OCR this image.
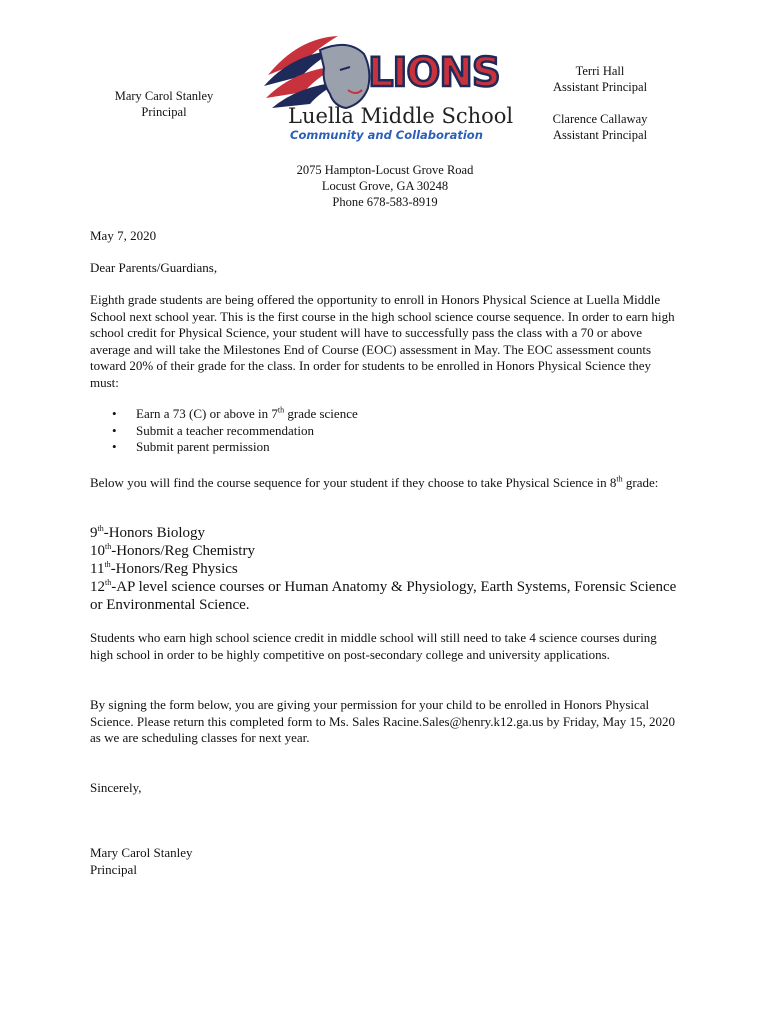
Mary Carol Stanley
Principal
LIONS
Luella Middle School
Community and Collaboration
Terri Hall
Assistant Principal
Clarence Callaway
Assistant Principal
2075 Hampton-Locust Grove Road
Locust Grove, GA 30248
Phone 678-583-8919
May 7, 2020
Dear Parents/Guardians,

Eighth grade students are being offered the opportunity to enroll in Honors Physical Science at Luella Middle School next school year. This is the first course in the high school science course sequence. In order to earn high school credit for Physical Science, your student will have to successfully pass the class with a 70 or above average and will take the Milestones End of Course (EOC) assessment in May. The EOC assessment counts toward 20% of their grade for the class. In order for students to be enrolled in Honors Physical Science they must:

• Earn a 73 (C) or above in 7th grade science
• Submit a teacher recommendation
• Submit parent permission

Below you will find the course sequence for your student if they choose to take Physical Science in 8th grade:

9th-Honors Biology
10th-Honors/Reg Chemistry
11th-Honors/Reg Physics
12th-AP level science courses or Human Anatomy & Physiology, Earth Systems, Forensic Science or Environmental Science.

Students who earn high school science credit in middle school will still need to take 4 science courses during high school in order to be highly competitive on post-secondary college and university applications.

By signing the form below, you are giving your permission for your child to be enrolled in Honors Physical Science. Please return this completed form to Ms. Sales Racine.Sales@henry.k12.ga.us by Friday, May 15, 2020 as we are scheduling classes for next year.

Sincerely,
Mary Carol Stanley
Principal
